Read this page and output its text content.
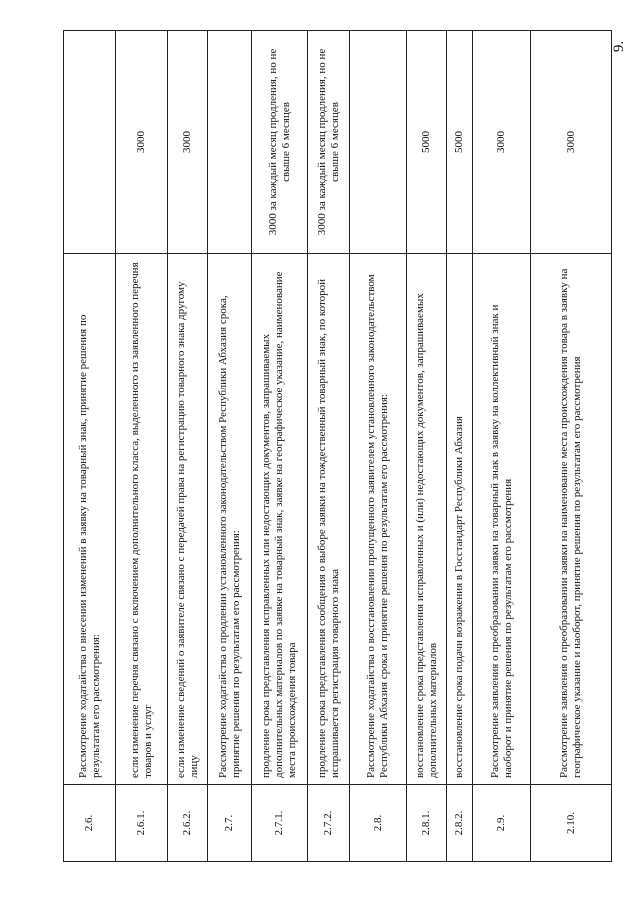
9.
2.6.	Рассмотрение ходатайства о внесении изменений в заявку на товарный знак, принятие решения по результатам его рассмотрения:	
2.6.1.	если изменение перечня связано с включением дополнительного класса, выделенного из заявленного перечня товаров и услуг	3000
2.6.2.	если изменение сведений о заявителе связано с передачей права на регистрацию товарного знака другому лицу	3000
2.7.	Рассмотрение ходатайства о продлении установленного законодательством Республики Абхазия срока, принятие решения по результатам его рассмотрения:	
2.7.1.	продление срока представления исправленных или недостающих документов, запрашиваемых дополнительных материалов по заявке на товарный знак, заявке на географическое указание, наименование места происхождения товара	3000 за каждый месяц продления, но не свыше 6 месяцев
2.7.2.	продление срока представления сообщения о выборе заявки на тождественный товарный знак, по которой испрашивается регистрация товарного знака	3000 за каждый месяц продления, но не свыше 6 месяцев
2.8.	Рассмотрение ходатайства о восстановлении пропущенного заявителем установленного законодательством Республики Абхазия срока и принятие решения по результатам его рассмотрения:	
2.8.1.	восстановление срока представления исправленных и (или) недостающих документов, запрашиваемых дополнительных материалов	5000
2.8.2.	восстановление срока подачи возражения в Госстандарт Республики Абхазия	5000
2.9.	Рассмотрение заявления о преобразовании заявки на товарный знак в заявку на коллективный знак и наоборот и принятие решения по результатам его рассмотрения	3000
2.10.	Рассмотрение заявления о преобразовании заявки на наименование места происхождения товара в заявку на географическое указание и наоборот, принятие решения по результатам его рассмотрения	3000
